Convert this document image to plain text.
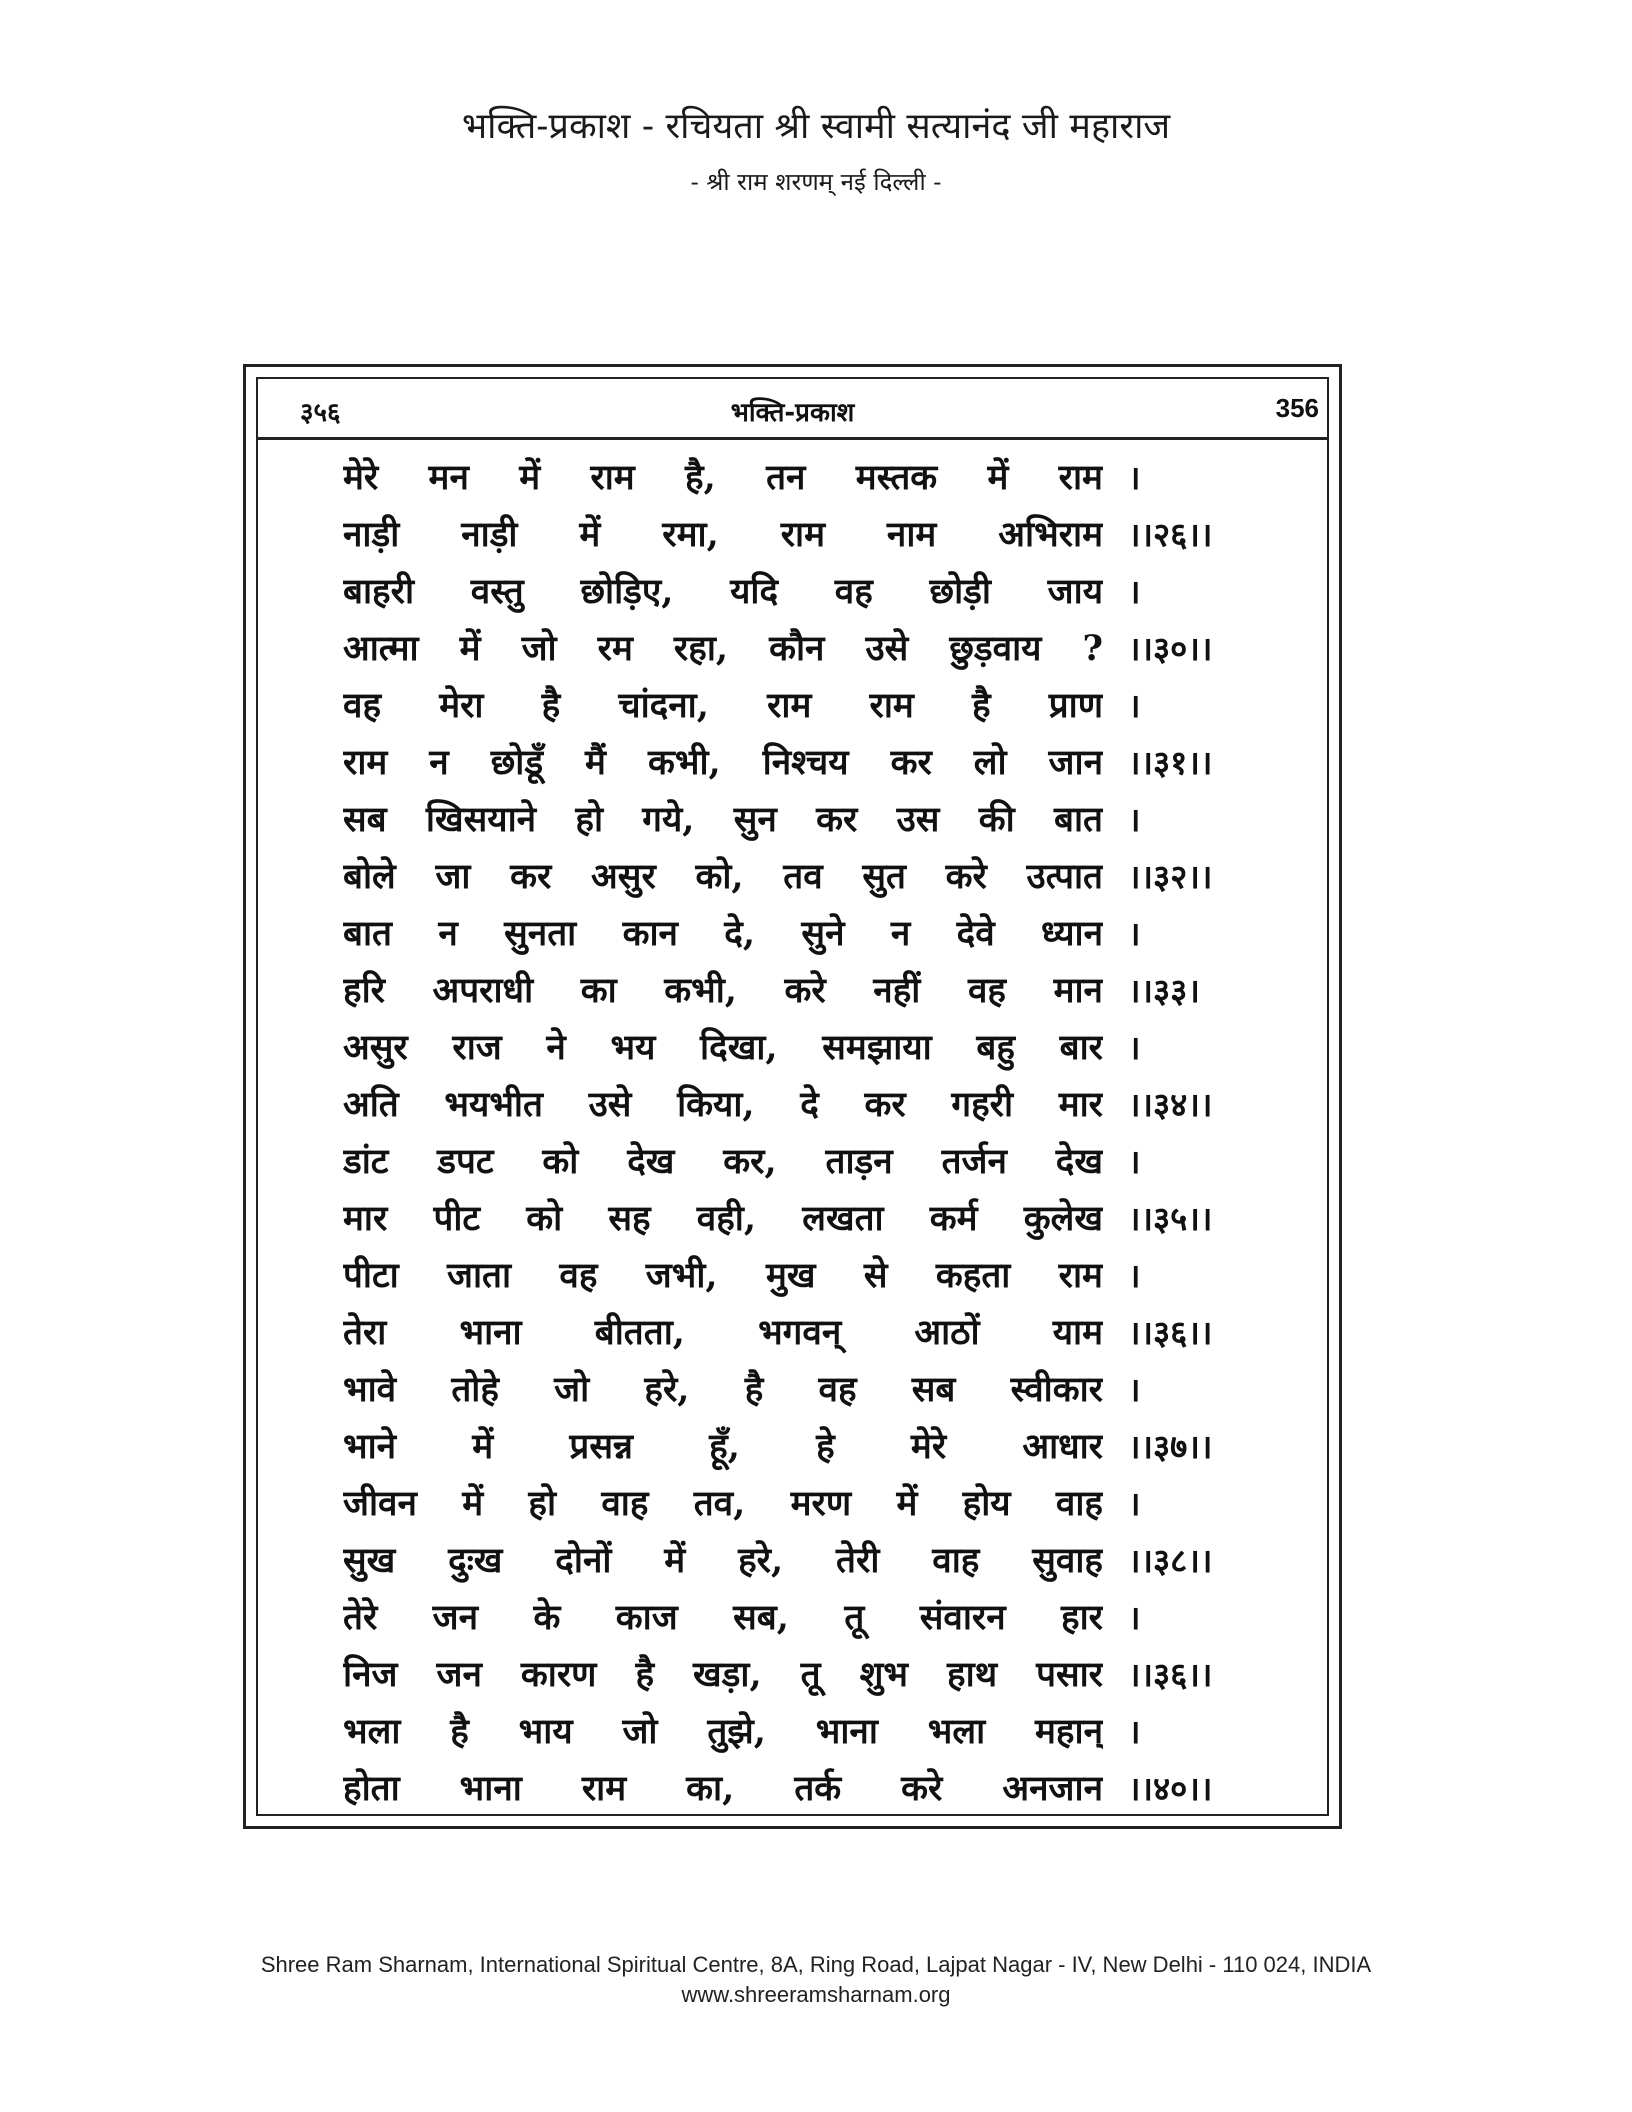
भक्ति-प्रकाश - रचियता श्री स्वामी सत्यानंद जी महाराज
- श्री राम शरणम् नई दिल्ली -
३५६	भक्ति-प्रकाश	356
मेरे मन में राम है, तन मस्तक में राम ।
नाड़ी नाड़ी में रमा, राम नाम अभिराम ।।२६।।
बाहरी वस्तु छोड़िए, यदि वह छोड़ी जाय ।
आत्मा में जो रम रहा, कौन उसे छुड़वाय ? ।।३०।।
वह मेरा है चांदना, राम राम है प्राण ।
राम न छोडूँ मैं कभी, निश्चय कर लो जान ।।३१।।
सब खिसयाने हो गये, सुन कर उस की बात ।
बोले जा कर असुर को, तव सुत करे उत्पात ।।३२।।
बात न सुनता कान दे, सुने न देवे ध्यान ।
हरि अपराधी का कभी, करे नहीं वह मान ।।३३।
असुर राज ने भय दिखा, समझाया बहु बार ।
अति भयभीत उसे किया, दे कर गहरी मार ।।३४।।
डांट डपट को देख कर, ताड़न तर्जन देख ।
मार पीट को सह वही, लखता कर्म कुलेख ।।३५।।
पीटा जाता वह जभी, मुख से कहता राम ।
तेरा भाना बीतता, भगवन् आठों याम ।।३६।।
भावे तोहे जो हरे, है वह सब स्वीकार ।
भाने में प्रसन्न हूँ, हे मेरे आधार ।।३७।।
जीवन में हो वाह तव, मरण में होय वाह ।
सुख दुःख दोनों में हरे, तेरी वाह सुवाह ।।३८।।
तेरे जन के काज सब, तू संवारन हार ।
निज जन कारण है खड़ा, तू शुभ हाथ पसार ।।३६।।
भला है भाय जो तुझे, भाना भला महान् ।
होता भाना राम का, तर्क करे अनजान ।।४०।।
Shree Ram Sharnam, International Spiritual Centre, 8A, Ring Road, Lajpat Nagar - IV, New Delhi - 110 024, INDIA
www.shreeramsharnam.org
